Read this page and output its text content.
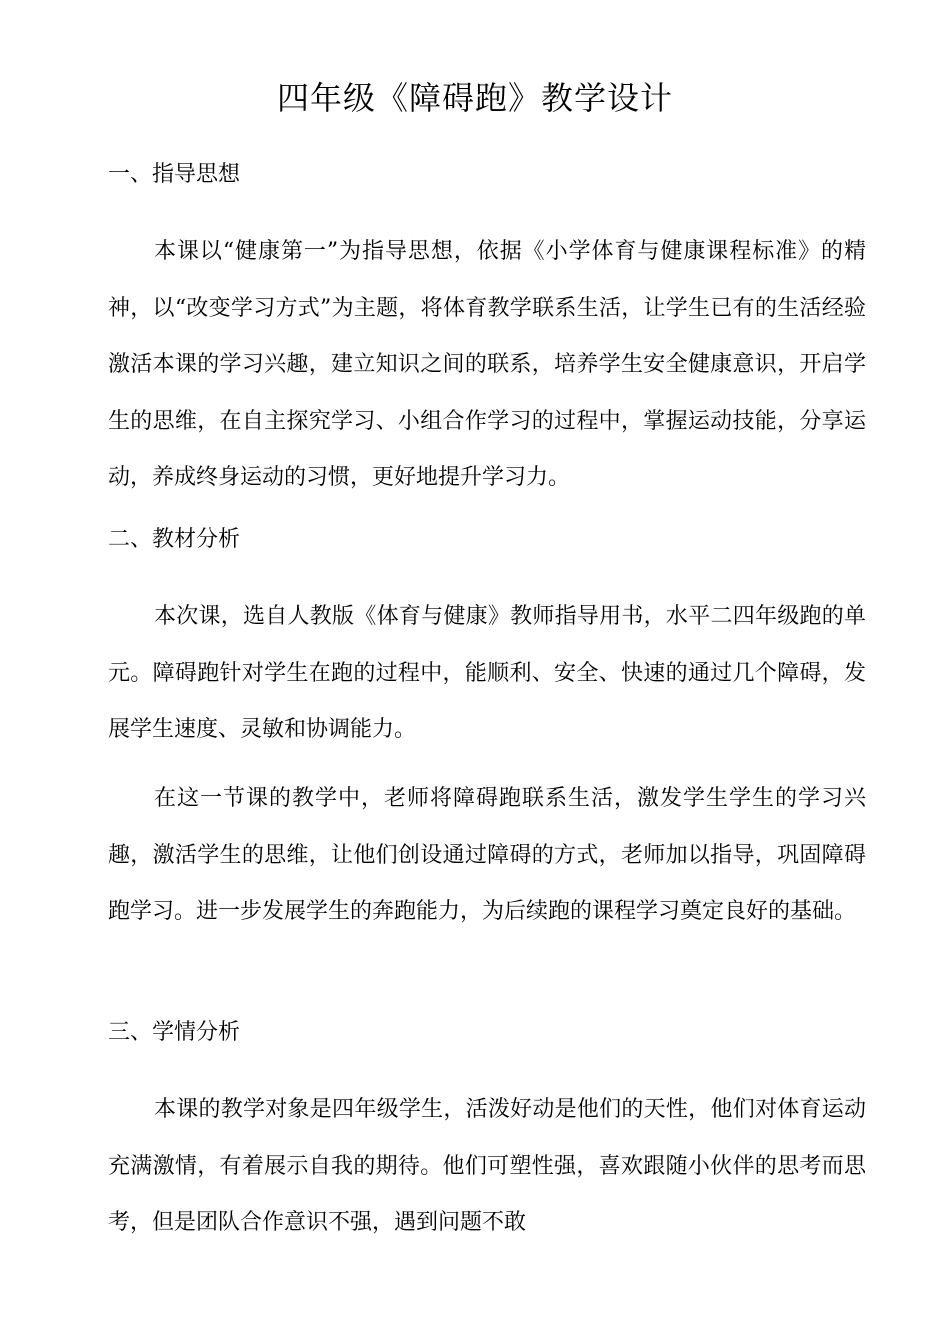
四年级《障碍跑》教学设计
一、指导思想

本课以“健康第一”为指导思想，依据《小学体育与健康课程标准》的精神，以“改变学习方式”为主题，将体育教学联系生活，让学生已有的生活经验激活本课的学习兴趣，建立知识之间的联系，培养学生安全健康意识，开启学生的思维，在自主探究学习、小组合作学习的过程中，掌握运动技能，分享运动，养成终身运动的习惯，更好地提升学习力。

二、教材分析

本次课，选自人教版《体育与健康》教师指导用书，水平二四年级跑的单元。障碍跑针对学生在跑的过程中，能顺利、安全、快速的通过几个障碍，发展学生速度、灵敏和协调能力。

在这一节课的教学中，老师将障碍跑联系生活，激发学生学生的学习兴趣，激活学生的思维，让他们创设通过障碍的方式，老师加以指导，巩固障碍跑学习。进一步发展学生的奔跑能力，为后续跑的课程学习奠定良好的基础。

三、学情分析

本课的教学对象是四年级学生，活泼好动是他们的天性，他们对体育运动充满激情，有着展示自我的期待。他们可塑性强，喜欢跟随小伙伴的思考而思考，但是团队合作意识不强，遇到问题不敢
